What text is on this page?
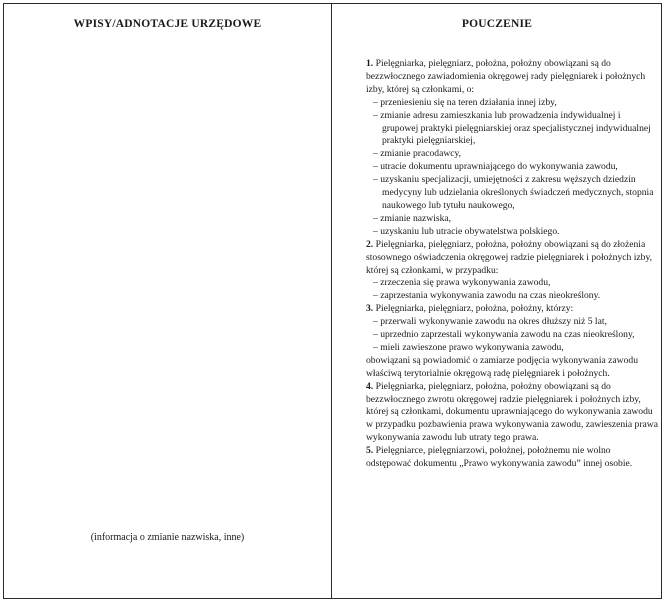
WPISY/ADNOTACJE URZĘDOWE	POUCZENIE
(informacja o zmianie nazwiska, inne)
1. Pielęgniarka, pielęgniarz, położna, położny obowiązani są do bezzwłocznego zawiadomienia okręgowej rady pielęgniarek i położnych izby, której są członkami, o:

– przeniesieniu się na teren działania innej izby,

– zmianie adresu zamieszkania lub prowadzenia indywidualnej i grupowej praktyki pielęgniarskiej oraz specjalistycznej indywidualnej praktyki pielęgniarskiej,

– zmianie pracodawcy,

– utracie dokumentu uprawniającego do wykonywania zawodu,

– uzyskaniu specjalizacji, umiejętności z zakresu węższych dziedzin medycyny lub udzielania określonych świadczeń medycznych, stopnia naukowego lub tytułu naukowego,

– zmianie nazwiska,

– uzyskaniu lub utracie obywatelstwa polskiego.

2. Pielęgniarka, pielęgniarz, położna, położny obowiązani są do złożenia stosownego oświadczenia okręgowej radzie pielęgniarek i położnych izby, której są członkami, w przypadku:

– zrzeczenia się prawa wykonywania zawodu,

– zaprzestania wykonywania zawodu na czas nieokreślony.

3. Pielęgniarka, pielęgniarz, położna, położny, którzy:

– przerwali wykonywanie zawodu na okres dłuższy niż 5 lat,

– uprzednio zaprzestali wykonywania zawodu na czas nieokreślony,

– mieli zawieszone prawo wykonywania zawodu,

obowiązani są powiadomić o zamiarze podjęcia wykonywania zawodu właściwą terytorialnie okręgową radę pielęgniarek i położnych.
4. Pielęgniarka, pielęgniarz, położna, położny obowiązani są do bezzwłocznego zwrotu okręgowej radzie pielęgniarek i położnych izby, której są członkami, dokumentu uprawniającego do wykonywania zawodu w przypadku pozbawienia prawa wykonywania zawodu, zawieszenia prawa wykonywania zawodu lub utraty tego prawa.
5. Pielęgniarce, pielęgniarzowi, położnej, położnemu nie wolno odstępować dokumentu „Prawo wykonywania zawodu” innej osobie.
